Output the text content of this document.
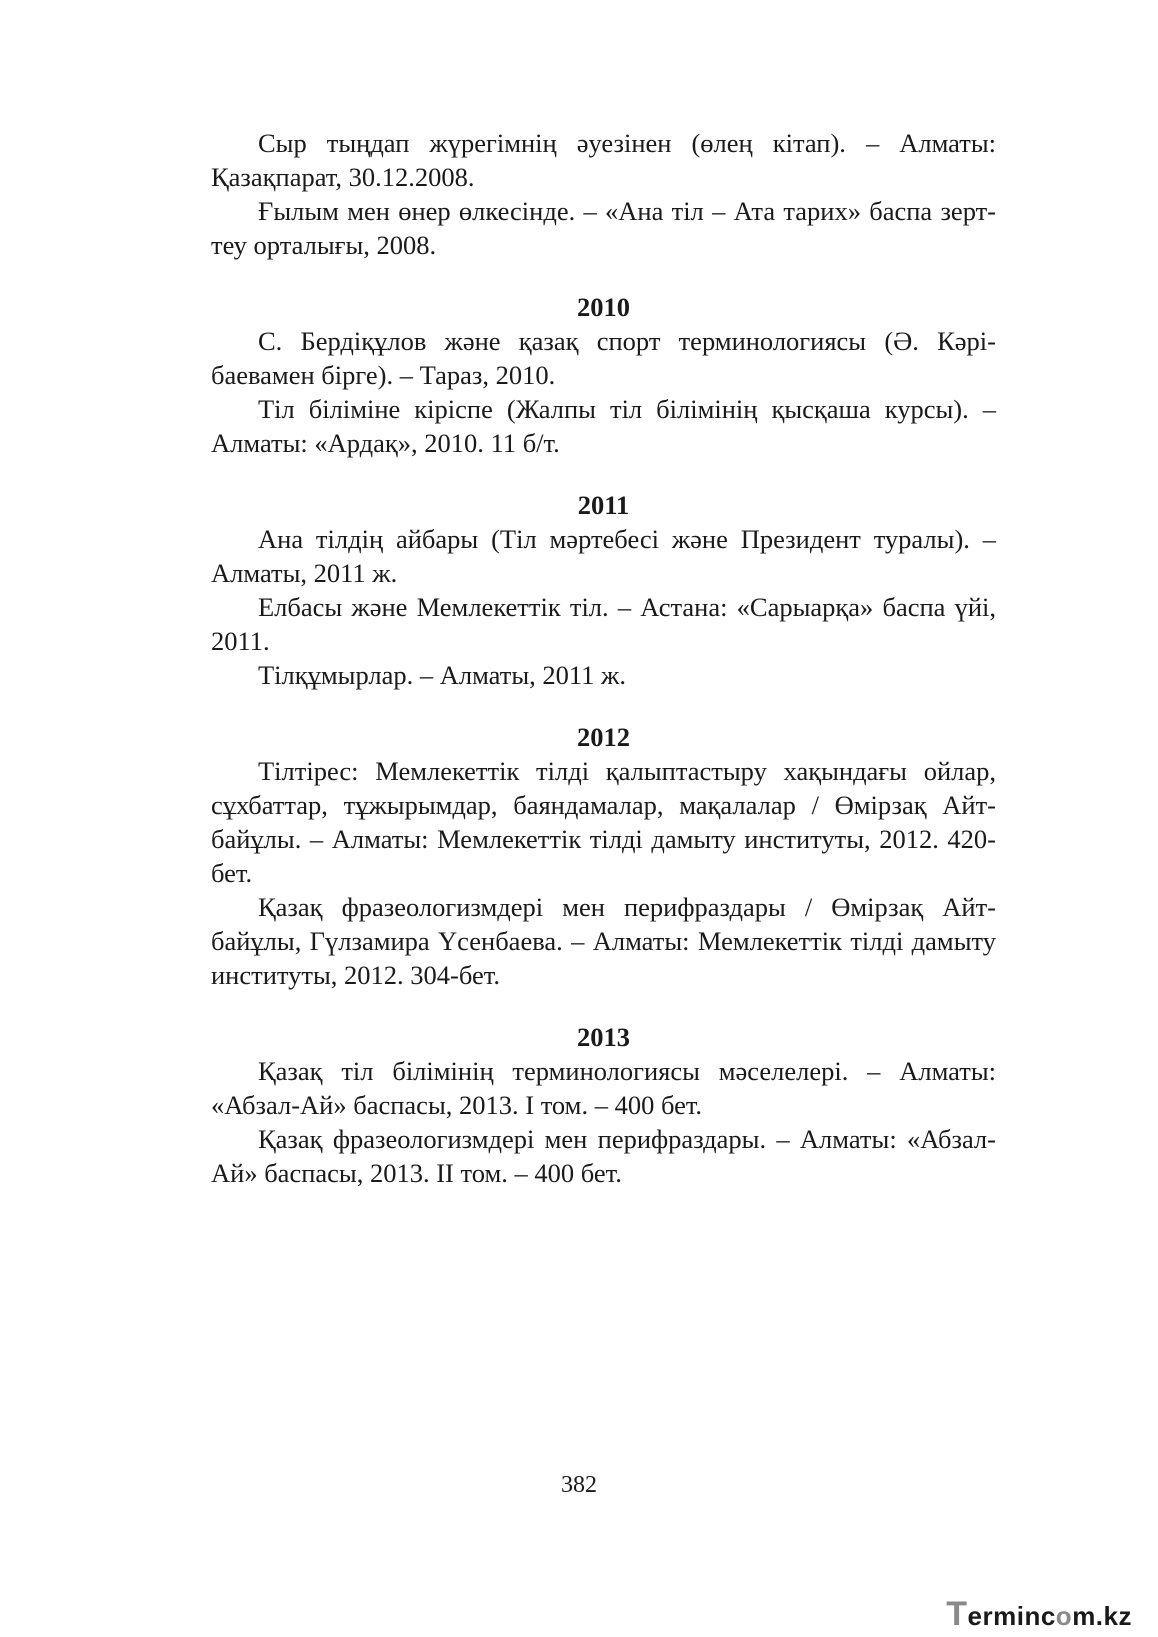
Сыр тыңдап жүрегімнің әуезінен (өлең кітап). – Алматы: Қазақпарат, 30.12.2008.

Ғылым мен өнер өлкесінде. – «Ана тіл – Ата тарих» баспа зерт-теу орталығы, 2008.

2010

С. Бердіқұлов және қазақ спорт терминологиясы (Ә. Кәрі-баевамен бірге). – Тараз, 2010.

Тіл біліміне кіріспе (Жалпы тіл білімінің қысқаша курсы). – Алматы: «Ардақ», 2010. 11 б/т.

2011

Ана тілдің айбары (Тіл мәртебесі және Президент туралы). – Алматы, 2011 ж.

Елбасы және Мемлекеттік тіл. – Астана: «Сарыарқа» баспа үйі, 2011.

Тілқұмырлар. – Алматы, 2011 ж.

2012

Тілтірес: Мемлекеттік тілді қалыптастыру хақындағы ойлар, сұхбаттар, тұжырымдар, баяндамалар, мақалалар / Өмірзақ Айт-байұлы. – Алматы: Мемлекеттік тілді дамыту институты, 2012. 420-бет.

Қазақ фразеологизмдері мен перифраздары / Өмірзақ Айт-байұлы, Гүлзамира Үсенбаева. – Алматы: Мемлекеттік тілді дамыту институты, 2012. 304-бет.

2013

Қазақ тіл білімінің терминологиясы мәселелері. – Алматы: «Абзал-Ай» баспасы, 2013. I том. – 400 бет.

Қазақ фразеологизмдері мен перифраздары. – Алматы: «Абзал-Ай» баспасы, 2013. II том. – 400 бет.

382
Termincom.kz
